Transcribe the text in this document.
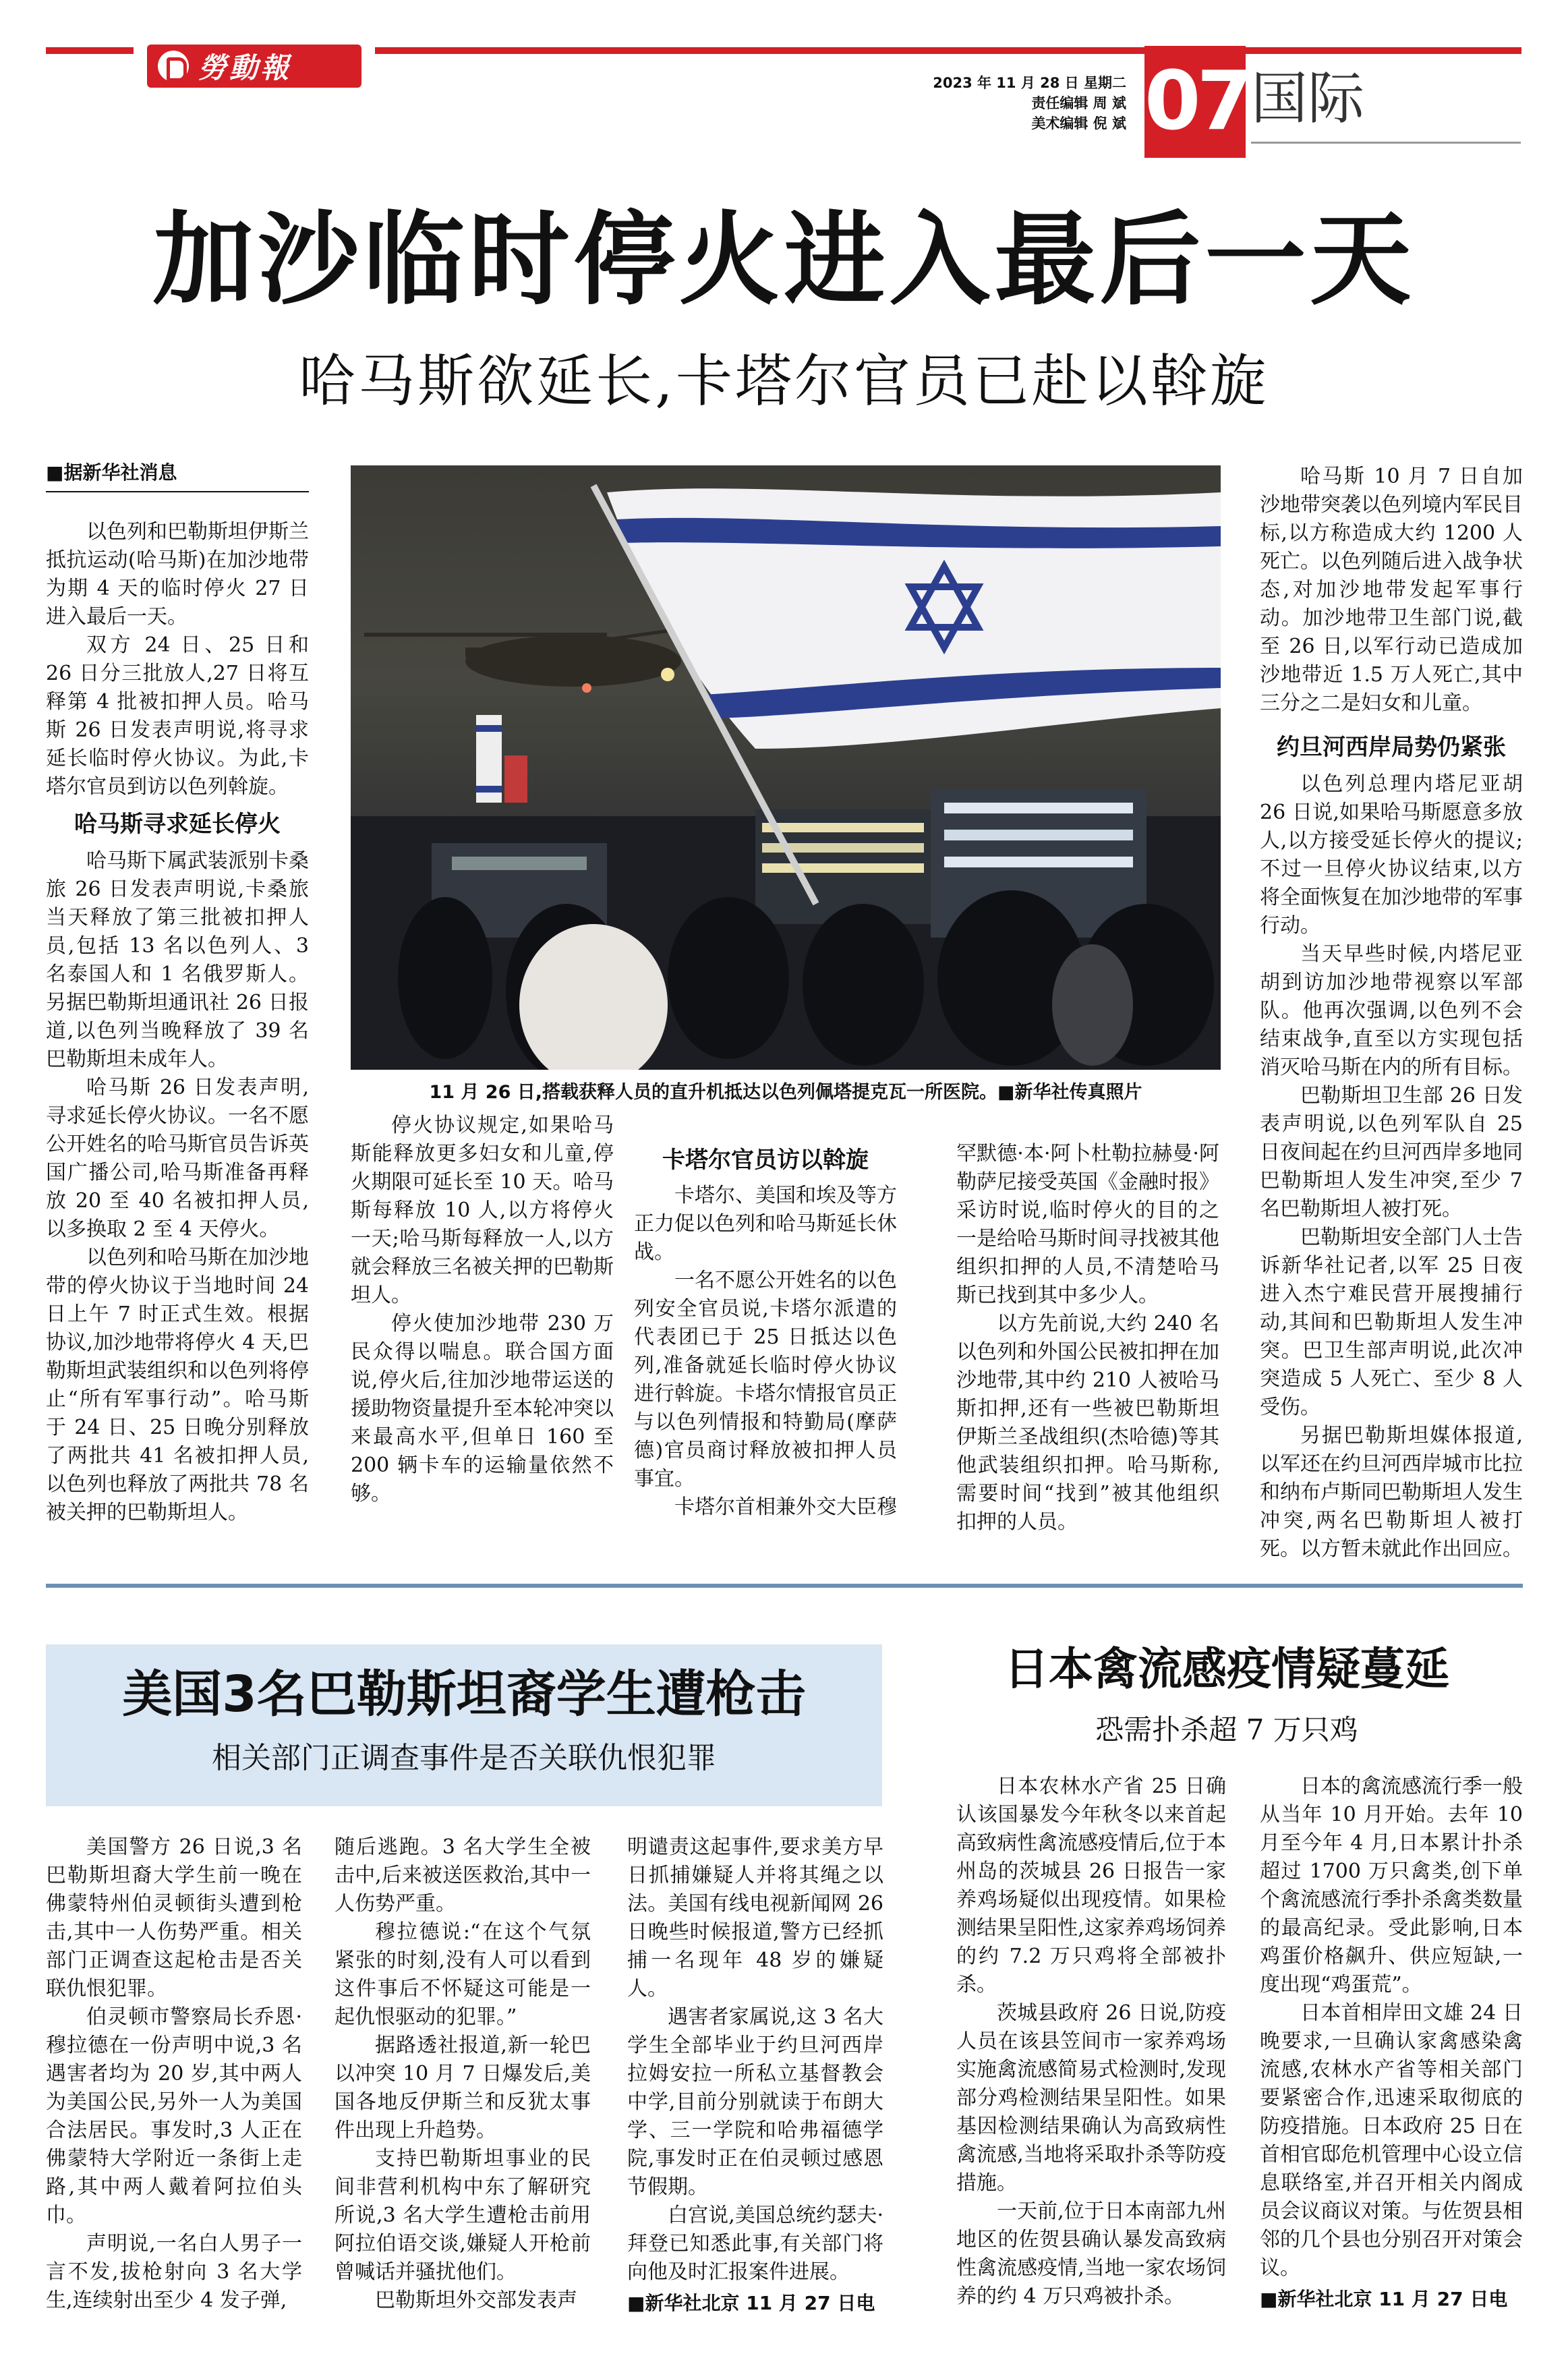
勞動報	2023 年 11 月 28 日 星期二
责任编辑 周 斌
美术编辑 倪 斌 07 国际
加沙临时停火进入最后一天
哈马斯欲延长,卡塔尔官员已赴以斡旋
■据新华社消息

以色列和巴勒斯坦伊斯兰抵抗运动(哈马斯)在加沙地带为期 4 天的临时停火 27 日进入最后一天。

双方 24 日、25 日和 26 日分三批放人,27 日将互释第 4 批被扣押人员。哈马斯 26 日发表声明说,将寻求延长临时停火协议。为此,卡塔尔官员到访以色列斡旋。

哈马斯寻求延长停火

哈马斯下属武装派别卡桑旅 26 日发表声明说,卡桑旅当天释放了第三批被扣押人员,包括 13 名以色列人、3 名泰国人和 1 名俄罗斯人。另据巴勒斯坦通讯社 26 日报道,以色列当晚释放了 39 名巴勒斯坦未成年人。

哈马斯 26 日发表声明,寻求延长停火协议。一名不愿公开姓名的哈马斯官员告诉英国广播公司,哈马斯准备再释放 20 至 40 名被扣押人员,以多换取 2 至 4 天停火。

以色列和哈马斯在加沙地带的停火协议于当地时间 24 日上午 7 时正式生效。根据协议,加沙地带将停火 4 天,巴勒斯坦武装组织和以色列将停止“所有军事行动”。哈马斯于 24 日、25 日晚分别释放了两批共 41 名被扣押人员,以色列也释放了两批共 78 名被关押的巴勒斯坦人。

11 月 26 日,搭载获释人员的直升机抵达以色列佩塔提克瓦一所医院。■新华社传真照片

停火协议规定,如果哈马斯能释放更多妇女和儿童,停火期限可延长至 10 天。哈马斯每释放 10 人,以方将停火一天;哈马斯每释放一人,以方就会释放三名被关押的巴勒斯坦人。

停火使加沙地带 230 万民众得以喘息。联合国方面说,停火后,往加沙地带运送的援助物资量提升至本轮冲突以来最高水平,但单日 160 至 200 辆卡车的运输量依然不够。

卡塔尔官员访以斡旋

卡塔尔、美国和埃及等方正力促以色列和哈马斯延长休战。

一名不愿公开姓名的以色列安全官员说,卡塔尔派遣的代表团已于 25 日抵达以色列,准备就延长临时停火协议进行斡旋。卡塔尔情报官员正与以色列情报和特勤局(摩萨德)官员商讨释放被扣押人员事宜。

卡塔尔首相兼外交大臣穆

罕默德·本·阿卜杜勒拉赫曼·阿勒萨尼接受英国《金融时报》采访时说,临时停火的目的之一是给哈马斯时间寻找被其他组织扣押的人员,不清楚哈马斯已找到其中多少人。

以方先前说,大约 240 名以色列和外国公民被扣押在加沙地带,其中约 210 人被哈马斯扣押,还有一些被巴勒斯坦伊斯兰圣战组织(杰哈德)等其他武装组织扣押。哈马斯称,需要时间“找到”被其他组织扣押的人员。

哈马斯 10 月 7 日自加沙地带突袭以色列境内军民目标,以方称造成大约 1200 人死亡。以色列随后进入战争状态,对加沙地带发起军事行动。加沙地带卫生部门说,截至 26 日,以军行动已造成加沙地带近 1.5 万人死亡,其中三分之二是妇女和儿童。

约旦河西岸局势仍紧张

以色列总理内塔尼亚胡 26 日说,如果哈马斯愿意多放人,以方接受延长停火的提议;不过一旦停火协议结束,以方将全面恢复在加沙地带的军事行动。

当天早些时候,内塔尼亚胡到访加沙地带视察以军部队。他再次强调,以色列不会结束战争,直至以方实现包括消灭哈马斯在内的所有目标。

巴勒斯坦卫生部 26 日发表声明说,以色列军队自 25 日夜间起在约旦河西岸多地同巴勒斯坦人发生冲突,至少 7 名巴勒斯坦人被打死。

巴勒斯坦安全部门人士告诉新华社记者,以军 25 日夜进入杰宁难民营开展搜捕行动,其间和巴勒斯坦人发生冲突。巴卫生部声明说,此次冲突造成 5 人死亡、至少 8 人受伤。

另据巴勒斯坦媒体报道,以军还在约旦河西岸城市比拉和纳布卢斯同巴勒斯坦人发生冲突,两名巴勒斯坦人被打死。以方暂未就此作出回应。

美国3名巴勒斯坦裔学生遭枪击
相关部门正调查事件是否关联仇恨犯罪

美国警方 26 日说,3 名巴勒斯坦裔大学生前一晚在佛蒙特州伯灵顿街头遭到枪击,其中一人伤势严重。相关部门正调查这起枪击是否关联仇恨犯罪。

伯灵顿市警察局长乔恩·穆拉德在一份声明中说,3 名遇害者均为 20 岁,其中两人为美国公民,另外一人为美国合法居民。事发时,3 人正在佛蒙特大学附近一条街上走路,其中两人戴着阿拉伯头巾。

声明说,一名白人男子一言不发,拔枪射向 3 名大学生,连续射出至少 4 发子弹,

随后逃跑。3 名大学生全被击中,后来被送医救治,其中一人伤势严重。

穆拉德说:“在这个气氛紧张的时刻,没有人可以看到这件事后不怀疑这可能是一起仇恨驱动的犯罪。”

据路透社报道,新一轮巴以冲突 10 月 7 日爆发后,美国各地反伊斯兰和反犹太事件出现上升趋势。

支持巴勒斯坦事业的民间非营利机构中东了解研究所说,3 名大学生遭枪击前用阿拉伯语交谈,嫌疑人开枪前曾喊话并骚扰他们。

巴勒斯坦外交部发表声

明谴责这起事件,要求美方早日抓捕嫌疑人并将其绳之以法。美国有线电视新闻网 26 日晚些时候报道,警方已经抓捕一名现年 48 岁的嫌疑人。

遇害者家属说,这 3 名大学生全部毕业于约旦河西岸拉姆安拉一所私立基督教会中学,目前分别就读于布朗大学、三一学院和哈弗福德学院,事发时正在伯灵顿过感恩节假期。

白宫说,美国总统约瑟夫·拜登已知悉此事,有关部门将向他及时汇报案件进展。

■新华社北京 11 月 27 日电
日本禽流感疫情疑蔓延
恐需扑杀超 7 万只鸡

日本农林水产省 25 日确认该国暴发今年秋冬以来首起高致病性禽流感疫情后,位于本州岛的茨城县 26 日报告一家养鸡场疑似出现疫情。如果检测结果呈阳性,这家养鸡场饲养的约 7.2 万只鸡将全部被扑杀。

茨城县政府 26 日说,防疫人员在该县笠间市一家养鸡场实施禽流感简易式检测时,发现部分鸡检测结果呈阳性。如果基因检测结果确认为高致病性禽流感,当地将采取扑杀等防疫措施。

一天前,位于日本南部九州地区的佐贺县确认暴发高致病性禽流感疫情,当地一家农场饲养的约 4 万只鸡被扑杀。

日本的禽流感流行季一般从当年 10 月开始。去年 10 月至今年 4 月,日本累计扑杀超过 1700 万只禽类,创下单个禽流感流行季扑杀禽类数量的最高纪录。受此影响,日本鸡蛋价格飙升、供应短缺,一度出现“鸡蛋荒”。

日本首相岸田文雄 24 日晚要求,一旦确认家禽感染禽流感,农林水产省等相关部门要紧密合作,迅速采取彻底的防疫措施。日本政府 25 日在首相官邸危机管理中心设立信息联络室,并召开相关内阁成员会议商议对策。与佐贺县相邻的几个县也分别召开对策会议。

■新华社北京 11 月 27 日电
